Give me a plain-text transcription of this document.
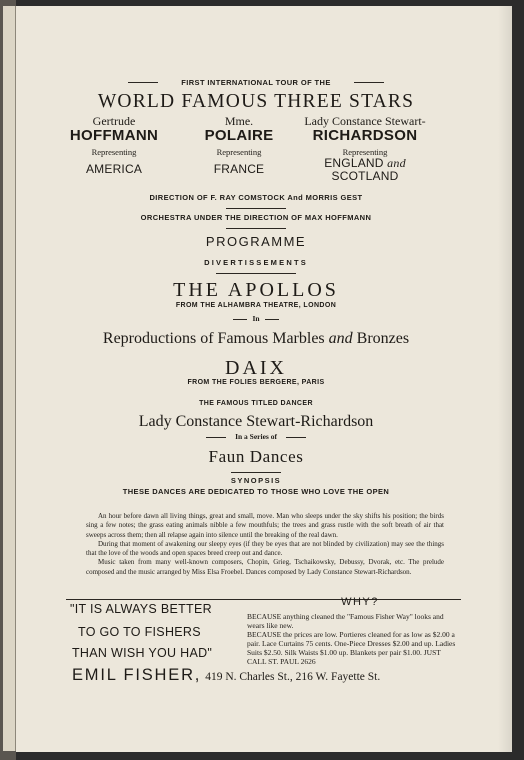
FIRST INTERNATIONAL TOUR OF THE
WORLD FAMOUS THREE STARS
Gertrude
HOFFMANN
Representing
AMERICA
Mme.
POLAIRE
Representing
FRANCE
Lady Constance Stewart-
RICHARDSON
Representing
ENGLAND and
SCOTLAND
DIRECTION OF F. RAY COMSTOCK And MORRIS GEST
ORCHESTRA UNDER THE DIRECTION OF MAX HOFFMANN
PROGRAMME
DIVERTISSEMENTS
THE APOLLOS
FROM THE ALHAMBRA THEATRE, LONDON
In
Reproductions of Famous Marbles and Bronzes
DAIX
FROM THE FOLIES BERGERE, PARIS
THE FAMOUS TITLED DANCER
Lady Constance Stewart-Richardson
In a Series of
Faun Dances
SYNOPSIS
THESE DANCES ARE DEDICATED TO THOSE WHO LOVE THE OPEN

An hour before dawn all living things, great and small, move. Man who sleeps under the sky shifts his position; the birds sing a few notes; the grass eating animals nibble a few mouthfuls; the trees and grass rustle with the soft breath of air that sweeps across them; then all relapse again into silence until the breaking of the real dawn.

During that moment of awakening our sleepy eyes (if they be eyes that are not blinded by civilization) may see the things that the love of the woods and open spaces breed creep out and dance.

Music taken from many well-known composers, Chopin, Grieg, Tschaikowsky, Debussy, Dvorak, etc. The prelude composed and the music arranged by Miss Elsa Froebel. Dances composed by Lady Constance Stewart-Richardson.

"IT IS ALWAYS BETTER
TO GO TO FISHERS
THAN WISH YOU HAD"
WHY?

BECAUSE anything cleaned the "Famous Fisher Way" looks and wears like new.

BECAUSE the prices are low. Portieres cleaned for as low as $2.00 a pair. Lace Curtains 75 cents. One-Piece Dresses $2.00 and up. Ladies Suits $2.50. Silk Waists $1.00 up. Blankets per pair $1.00. JUST CALL ST. PAUL 2626

EMIL FISHER, 419 N. Charles St., 216 W. Fayette St.
